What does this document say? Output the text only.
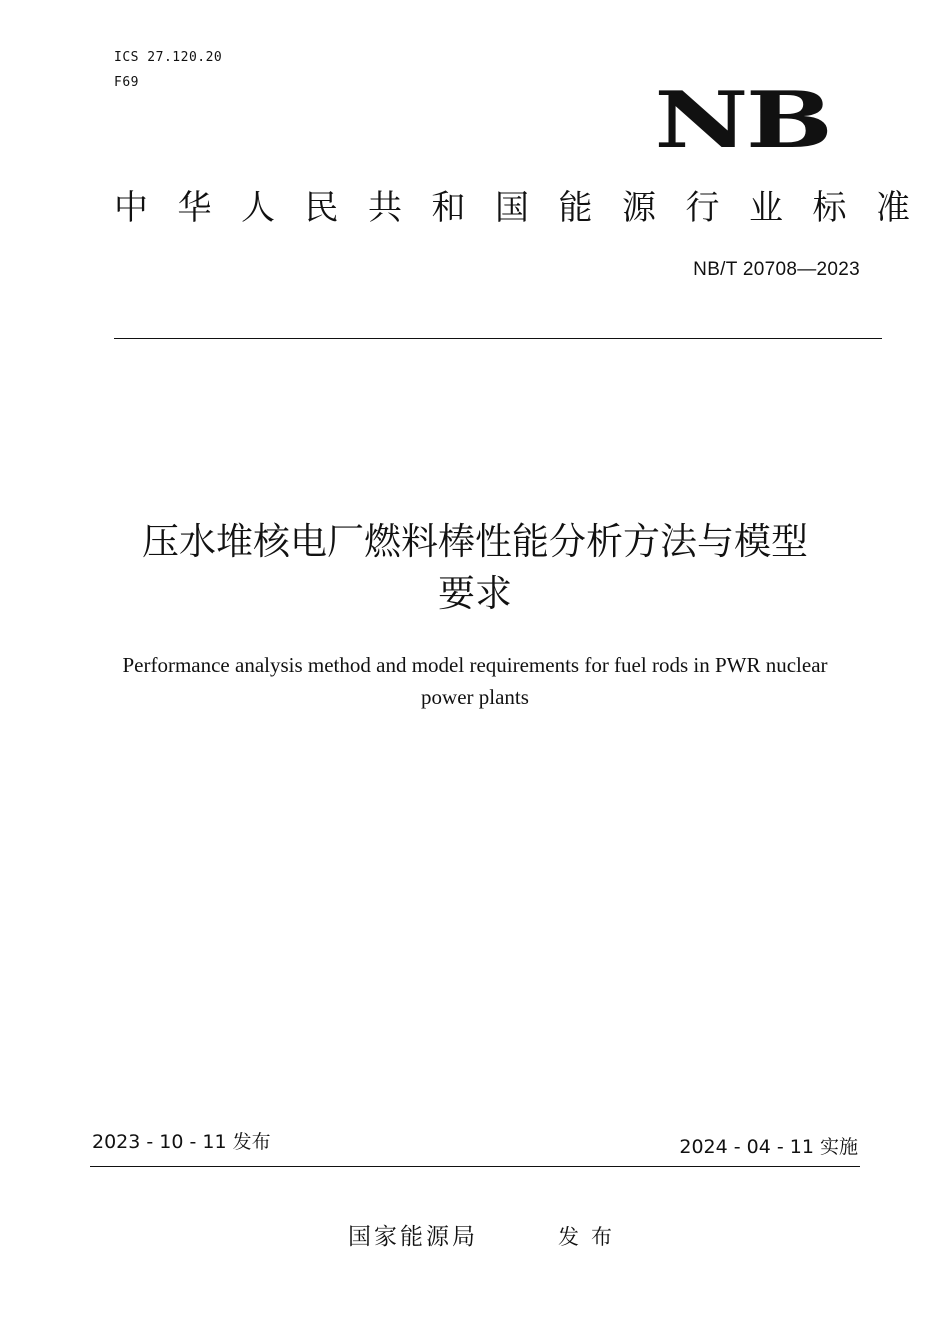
ICS 27.120.20
F69	NB
中华人民共和国能源行业标准
NB/T 20708—2023
压水堆核电厂燃料棒性能分析方法与模型
要求
Performance analysis method and model requirements for fuel rods in PWR nuclear
power plants
2023 - 10 - 11 发布	2024 - 04 - 11 实施
国家能源局	发布
